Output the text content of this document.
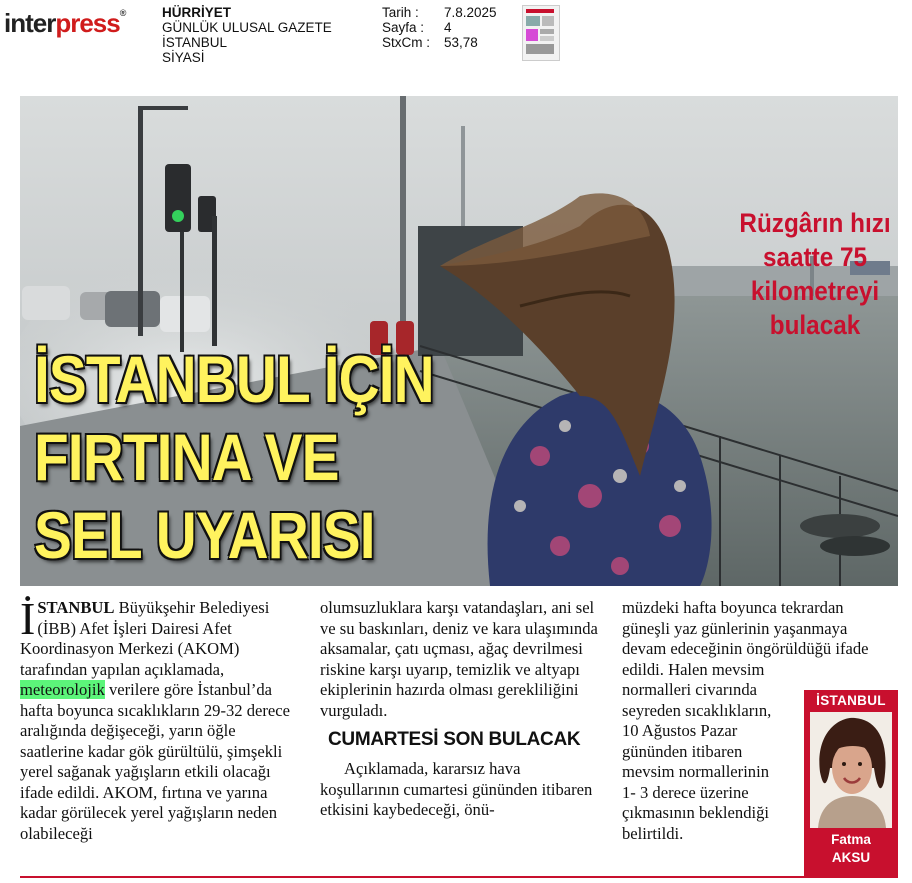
interpress®	HÜRRİYET
GÜNLÜK ULUSAL GAZETE
İSTANBUL
SİYASİ
Tarih :	7.8.2025
Sayfa :	4
StxCm :	53,78
Rüzgârın hızı saatte 75 kilometreyi bulacak
İSTANBUL İÇİN
FIRTINA VE
SEL UYARISI

İSTANBUL Büyükşehir Belediyesi (İBB) Afet İşleri Dairesi Afet Koordinasyon Merkezi (AKOM) tarafından yapılan açıklamada, meteorolojik verilere göre İstanbul’da hafta boyunca sıcaklıkların 29-32 derece aralığında değişeceği, yarın öğle saatlerine kadar gök gürültülü, şimşekli yerel sağanak yağışların etkili olacağı ifade edildi. AKOM, fırtına ve yarına kadar görülecek yerel yağışların neden olabileceği

olumsuzluklara karşı vatandaşları, ani sel ve su baskınları, deniz ve kara ulaşımında aksamalar, çatı uçması, ağaç devrilmesi riskine karşı uyarıp, temizlik ve altyapı ekiplerinin hazırda olması gerekliliğini vurguladı.

CUMARTESİ SON BULACAK

Açıklamada, kararsız hava koşullarının cumartesi gününden itibaren etkisini kaybedeceği, önü-

müzdeki hafta boyunca tekrardan güneşli yaz günlerinin yaşanmaya devam edeceğinin öngörüldüğü ifade edildi. Halen mevsim

normalleri civarında seyreden sıcaklıkların, 10 Ağustos Pazar gününden itibaren mevsim normallerinin 1- 3 derece üzerine çıkmasının beklendiği belirtildi.

İSTANBUL
Fatma
AKSU
